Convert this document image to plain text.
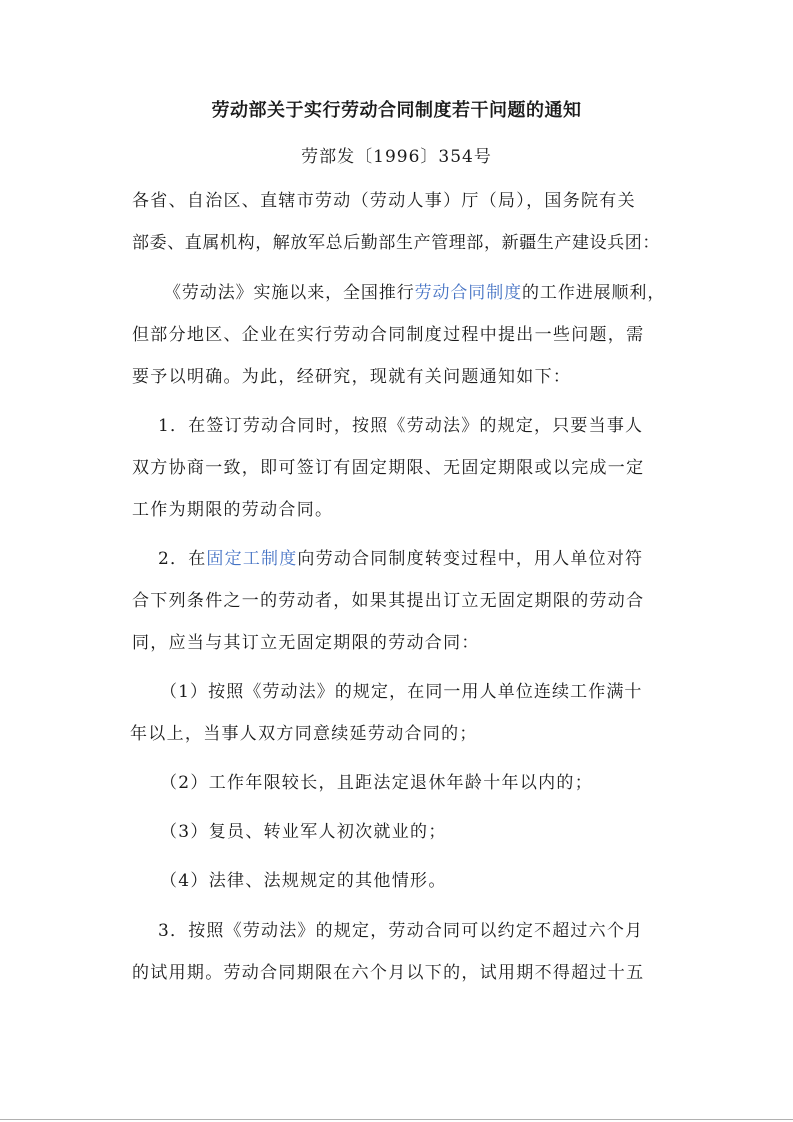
劳动部关于实行劳动合同制度若干问题的通知
劳部发〔1996〕354号
各省、自治区、直辖市劳动（劳动人事）厅（局），国务院有关
部委、直属机构，解放军总后勤部生产管理部，新疆生产建设兵团：
《劳动法》实施以来，全国推行劳动合同制度的工作进展顺利，
但部分地区、企业在实行劳动合同制度过程中提出一些问题，需
要予以明确。为此，经研究，现就有关问题通知如下：
1．在签订劳动合同时，按照《劳动法》的规定，只要当事人
双方协商一致，即可签订有固定期限、无固定期限或以完成一定
工作为期限的劳动合同。
2．在固定工制度向劳动合同制度转变过程中，用人单位对符
合下列条件之一的劳动者，如果其提出订立无固定期限的劳动合
同，应当与其订立无固定期限的劳动合同：
（1）按照《劳动法》的规定，在同一用人单位连续工作满十
年以上，当事人双方同意续延劳动合同的；
（2）工作年限较长，且距法定退休年龄十年以内的；
（3）复员、转业军人初次就业的；
（4）法律、法规规定的其他情形。
3．按照《劳动法》的规定，劳动合同可以约定不超过六个月
的试用期。劳动合同期限在六个月以下的，试用期不得超过十五
